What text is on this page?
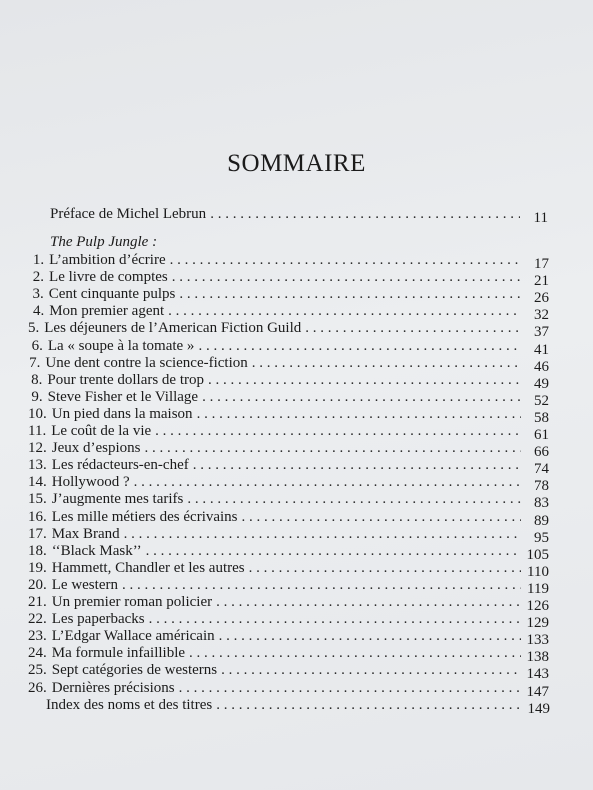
SOMMAIRE
Préface de Michel Lebrun . . .	11
The Pulp Jungle :
1. L’ambition d’écrire . . .	17
2. Le livre de comptes . . .	21
3. Cent cinquante pulps . . .	26
4. Mon premier agent . . .	32
5. Les déjeuners de l’American Fiction Guild . . .	37
6. La « soupe à la tomate » . . .	41
7. Une dent contre la science-fiction . . .	46
8. Pour trente dollars de trop . . .	49
9. Steve Fisher et le Village . . .	52
10. Un pied dans la maison . . .	58
11. Le coût de la vie . . .	61
12. Jeux d’espions . . .	66
13. Les rédacteurs-en-chef . . .	74
14. Hollywood ? . . .	78
15. J’augmente mes tarifs . . .	83
16. Les mille métiers des écrivains . . .	89
17. Max Brand . . .	95
18. ‘‘Black Mask’’ . . .	105
19. Hammett, Chandler et les autres . . .	110
20. Le western . . .	119
21. Un premier roman policier . . .	126
22. Les paperbacks . . .	129
23. L’Edgar Wallace américain . . .	133
24. Ma formule infaillible . . .	138
25. Sept catégories de westerns . . .	143
26. Dernières précisions . . .	147
Index des noms et des titres . . .	149
